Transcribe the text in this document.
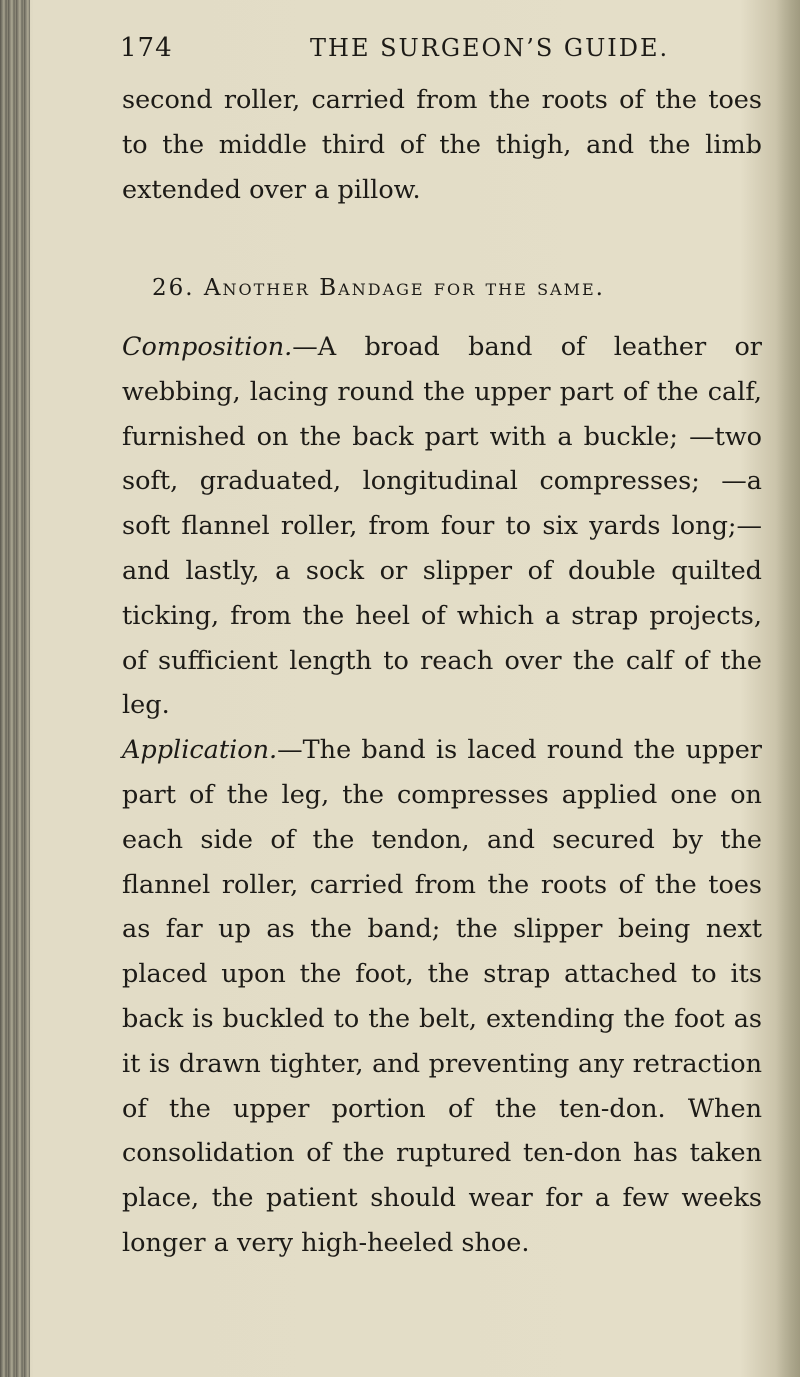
174	THE SURGEON’S GUIDE.

second roller, carried from the roots of the toes

to the middle third of the thigh, and the limb

extended over a pillow.

26. Another Bandage for the same.

Composition.—A broad band of leather or webbing, lacing round the upper part of the calf, furnished on the back part with a buckle; —two soft, graduated, longitudinal compresses; —a soft flannel roller, from four to six yards long;—and lastly, a sock or slipper of double quilted ticking, from the heel of which a strap projects, of sufficient length to reach over the calf of the leg.

Application.—The band is laced round the upper part of the leg, the compresses applied one on each side of the tendon, and secured by the flannel roller, carried from the roots of the toes as far up as the band; the slipper being next placed upon the foot, the strap attached to its back is buckled to the belt, extending the foot as it is drawn tighter, and preventing any retraction of the upper portion of the ten-don. When consolidation of the ruptured ten-don has taken place, the patient should wear for a few weeks longer a very high-heeled shoe.
